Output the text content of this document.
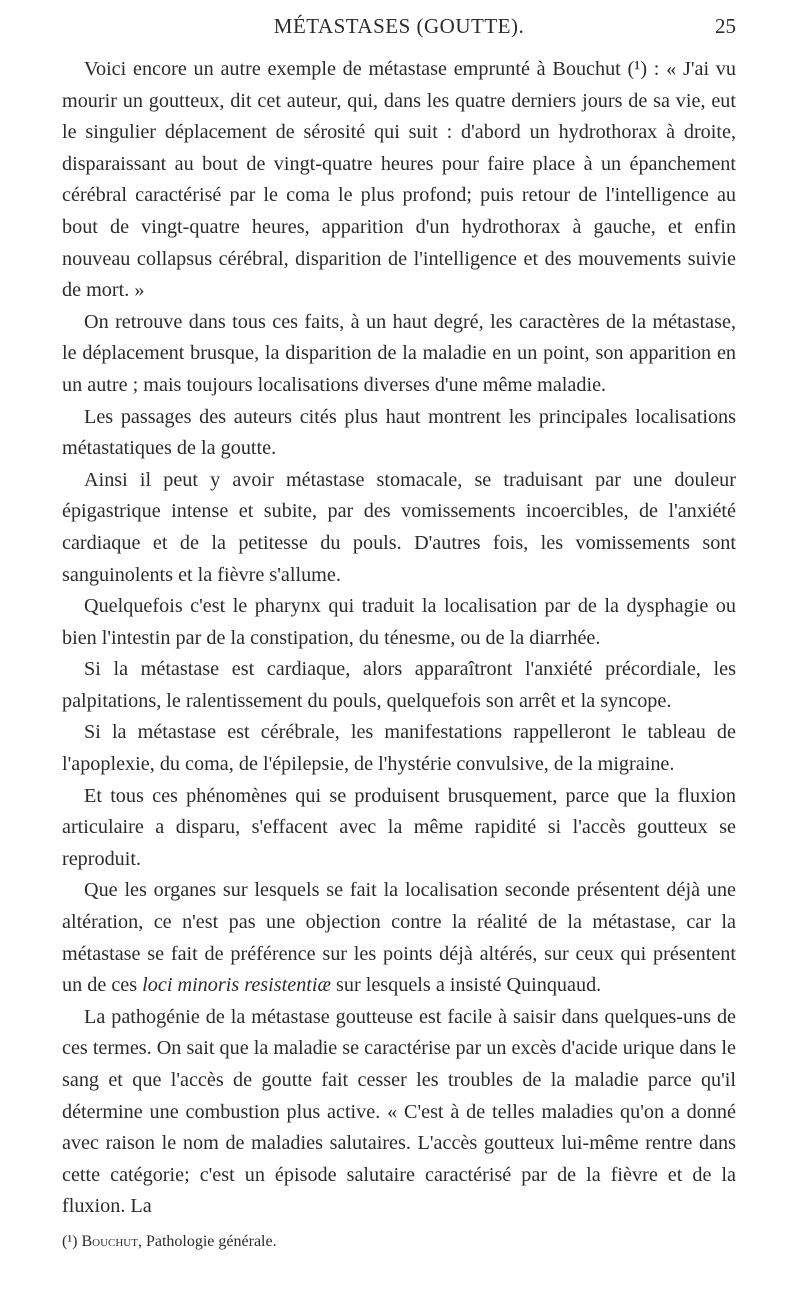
MÉTASTASES (GOUTTE).	25

Voici encore un autre exemple de métastase emprunté à Bouchut (¹) : « J'ai vu mourir un goutteux, dit cet auteur, qui, dans les quatre derniers jours de sa vie, eut le singulier déplacement de sérosité qui suit : d'abord un hydrothorax à droite, disparaissant au bout de vingt-quatre heures pour faire place à un épanchement cérébral caractérisé par le coma le plus profond; puis retour de l'intelligence au bout de vingt-quatre heures, apparition d'un hydrothorax à gauche, et enfin nouveau collapsus cérébral, disparition de l'intelligence et des mouvements suivie de mort. »

On retrouve dans tous ces faits, à un haut degré, les caractères de la métastase, le déplacement brusque, la disparition de la maladie en un point, son apparition en un autre ; mais toujours localisations diverses d'une même maladie.

Les passages des auteurs cités plus haut montrent les principales localisations métastatiques de la goutte.

Ainsi il peut y avoir métastase stomacale, se traduisant par une douleur épigastrique intense et subite, par des vomissements incoercibles, de l'anxiété cardiaque et de la petitesse du pouls. D'autres fois, les vomissements sont sanguinolents et la fièvre s'allume.

Quelquefois c'est le pharynx qui traduit la localisation par de la dysphagie ou bien l'intestin par de la constipation, du ténesme, ou de la diarrhée.

Si la métastase est cardiaque, alors apparaîtront l'anxiété précordiale, les palpitations, le ralentissement du pouls, quelquefois son arrêt et la syncope.

Si la métastase est cérébrale, les manifestations rappelleront le tableau de l'apoplexie, du coma, de l'épilepsie, de l'hystérie convulsive, de la migraine.

Et tous ces phénomènes qui se produisent brusquement, parce que la fluxion articulaire a disparu, s'effacent avec la même rapidité si l'accès goutteux se reproduit.

Que les organes sur lesquels se fait la localisation seconde présentent déjà une altération, ce n'est pas une objection contre la réalité de la métastase, car la métastase se fait de préférence sur les points déjà altérés, sur ceux qui présentent un de ces loci minoris resistentiæ sur lesquels a insisté Quinquaud.

La pathogénie de la métastase goutteuse est facile à saisir dans quelques-uns de ces termes. On sait que la maladie se caractérise par un excès d'acide urique dans le sang et que l'accès de goutte fait cesser les troubles de la maladie parce qu'il détermine une combustion plus active. « C'est à de telles maladies qu'on a donné avec raison le nom de maladies salutaires. L'accès goutteux lui-même rentre dans cette catégorie; c'est un épisode salutaire caractérisé par de la fièvre et de la fluxion. La

(¹) Bouchut, Pathologie générale.
